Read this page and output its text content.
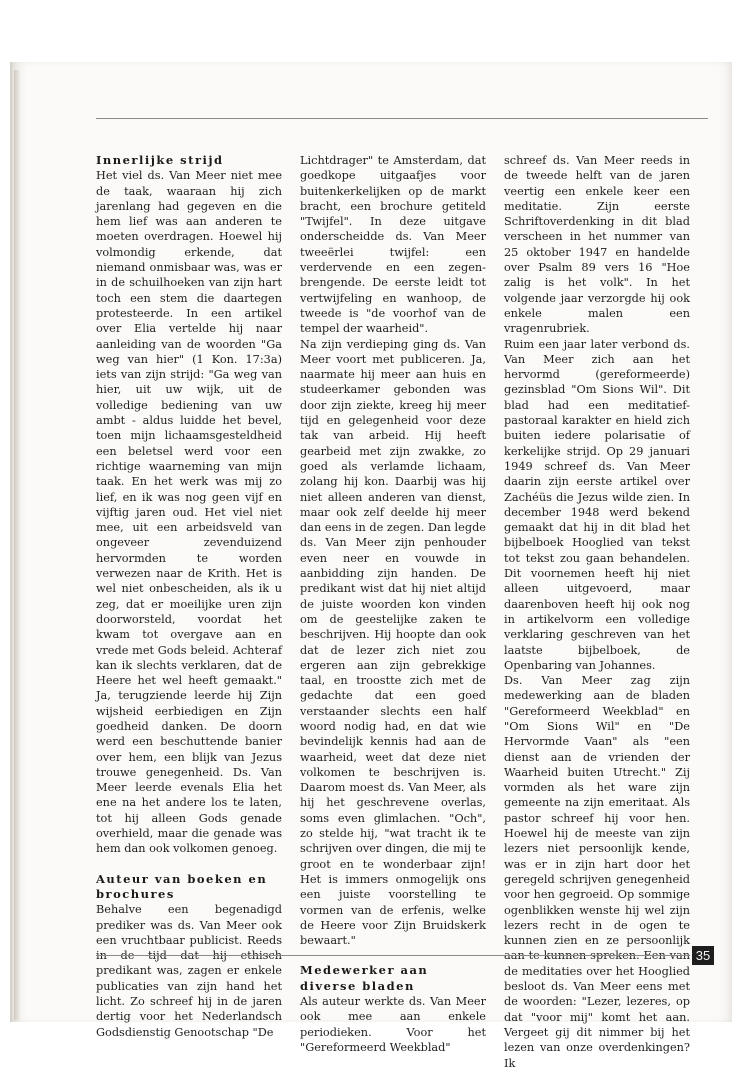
Innerlijke strijd

Het viel ds. Van Meer niet mee de taak, waaraan hij zich jarenlang had gegeven en die hem lief was aan anderen te moeten overdragen. Hoewel hij volmondig erkende, dat niemand onmisbaar was, was er in de schuilhoeken van zijn hart toch een stem die daartegen protesteerde. In een artikel over Elia vertelde hij naar aanleiding van de woorden "Ga weg van hier" (1 Kon. 17:3a) iets van zijn strijd: "Ga weg van hier, uit uw wijk, uit de volledige bediening van uw ambt - aldus luidde het bevel, toen mijn lichaamsgesteldheid een beletsel werd voor een richtige waarneming van mijn taak. En het werk was mij zo lief, en ik was nog geen vijf en vijftig jaren oud. Het viel niet mee, uit een arbeidsveld van ongeveer zevenduizend hervormden te worden verwezen naar de Krith. Het is wel niet onbescheiden, als ik u zeg, dat er moeilijke uren zijn doorworsteld, voordat het kwam tot overgave aan en vrede met Gods beleid. Achteraf kan ik slechts verklaren, dat de Heere het wel heeft gemaakt." Ja, terugziende leerde hij Zijn wijsheid eerbiedigen en Zijn goedheid danken. De doorn werd een beschuttende banier over hem, een blijk van Jezus trouwe genegenheid. Ds. Van Meer leerde evenals Elia het ene na het andere los te laten, tot hij alleen Gods genade overhield, maar die genade was hem dan ook volkomen genoeg.

Auteur van boeken en brochures

Behalve een begenadigd prediker was ds. Van Meer ook een vruchtbaar publicist. Reeds in de tijd dat hij ethisch predikant was, zagen er enkele publicaties van zijn hand het licht. Zo schreef hij in de jaren dertig voor het Nederlandsch Godsdienstig Genootschap "De

Lichtdrager" te Amsterdam, dat goedkope uitgaafjes voor buitenkerkelijken op de markt bracht, een brochure getiteld "Twijfel". In deze uitgave onderscheidde ds. Van Meer tweeërlei twijfel: een verdervende en een zegen-brengende. De eerste leidt tot vertwijfeling en wanhoop, de tweede is "de voorhof van de tempel der waarheid".

Na zijn verdieping ging ds. Van Meer voort met publiceren. Ja, naarmate hij meer aan huis en studeerkamer gebonden was door zijn ziekte, kreeg hij meer tijd en gelegenheid voor deze tak van arbeid. Hij heeft gearbeid met zijn zwakke, zo goed als verlamde lichaam, zolang hij kon. Daarbij was hij niet alleen anderen van dienst, maar ook zelf deelde hij meer dan eens in de zegen. Dan legde ds. Van Meer zijn penhouder even neer en vouwde in aanbidding zijn handen. De predikant wist dat hij niet altijd de juiste woorden kon vinden om de geestelijke zaken te beschrijven. Hij hoopte dan ook dat de lezer zich niet zou ergeren aan zijn gebrekkige taal, en troostte zich met de gedachte dat een goed verstaander slechts een half woord nodig had, en dat wie bevindelijk kennis had aan de waarheid, weet dat deze niet volkomen te beschrijven is. Daarom moest ds. Van Meer, als hij het geschrevene overlas, soms even glimlachen. "Och", zo stelde hij, "wat tracht ik te schrijven over dingen, die mij te groot en te wonderbaar zijn! Het is immers onmogelijk ons een juiste voorstelling te vormen van de erfenis, welke de Heere voor Zijn Bruidskerk bewaart."

Medewerker aan diverse bladen

Als auteur werkte ds. Van Meer ook mee aan enkele periodieken. Voor het "Gereformeerd Weekblad"

schreef ds. Van Meer reeds in de tweede helft van de jaren veertig een enkele keer een meditatie. Zijn eerste Schriftoverdenking in dit blad verscheen in het nummer van 25 oktober 1947 en handelde over Psalm 89 vers 16 "Hoe zalig is het volk". In het volgende jaar verzorgde hij ook enkele malen een vragenrubriek.

Ruim een jaar later verbond ds. Van Meer zich aan het hervormd (gereformeerde) gezinsblad "Om Sions Wil". Dit blad had een meditatief-pastoraal karakter en hield zich buiten iedere polarisatie of kerkelijke strijd. Op 29 januari 1949 schreef ds. Van Meer daarin zijn eerste artikel over Zachéüs die Jezus wilde zien. In december 1948 werd bekend gemaakt dat hij in dit blad het bijbelboek Hooglied van tekst tot tekst zou gaan behandelen. Dit voornemen heeft hij niet alleen uitgevoerd, maar daarenboven heeft hij ook nog in artikelvorm een volledige verklaring geschreven van het laatste bijbelboek, de Openbaring van Johannes.

Ds. Van Meer zag zijn medewerking aan de bladen "Gereformeerd Weekblad" en "Om Sions Wil" en "De Hervormde Vaan" als "een dienst aan de vrienden der Waarheid buiten Utrecht." Zij vormden als het ware zijn gemeente na zijn emeritaat. Als pastor schreef hij voor hen. Hoewel hij de meeste van zijn lezers niet persoonlijk kende, was er in zijn hart door het geregeld schrijven genegenheid voor hen gegroeid. Op sommige ogenblikken wenste hij wel zijn lezers recht in de ogen te kunnen zien en ze persoonlijk aan te kunnen spreken. Een van de meditaties over het Hooglied besloot ds. Van Meer eens met de woorden: "Lezer, lezeres, op dat "voor mij" komt het aan. Vergeet gij dit nimmer bij het lezen van onze overdenkingen? Ik

35
